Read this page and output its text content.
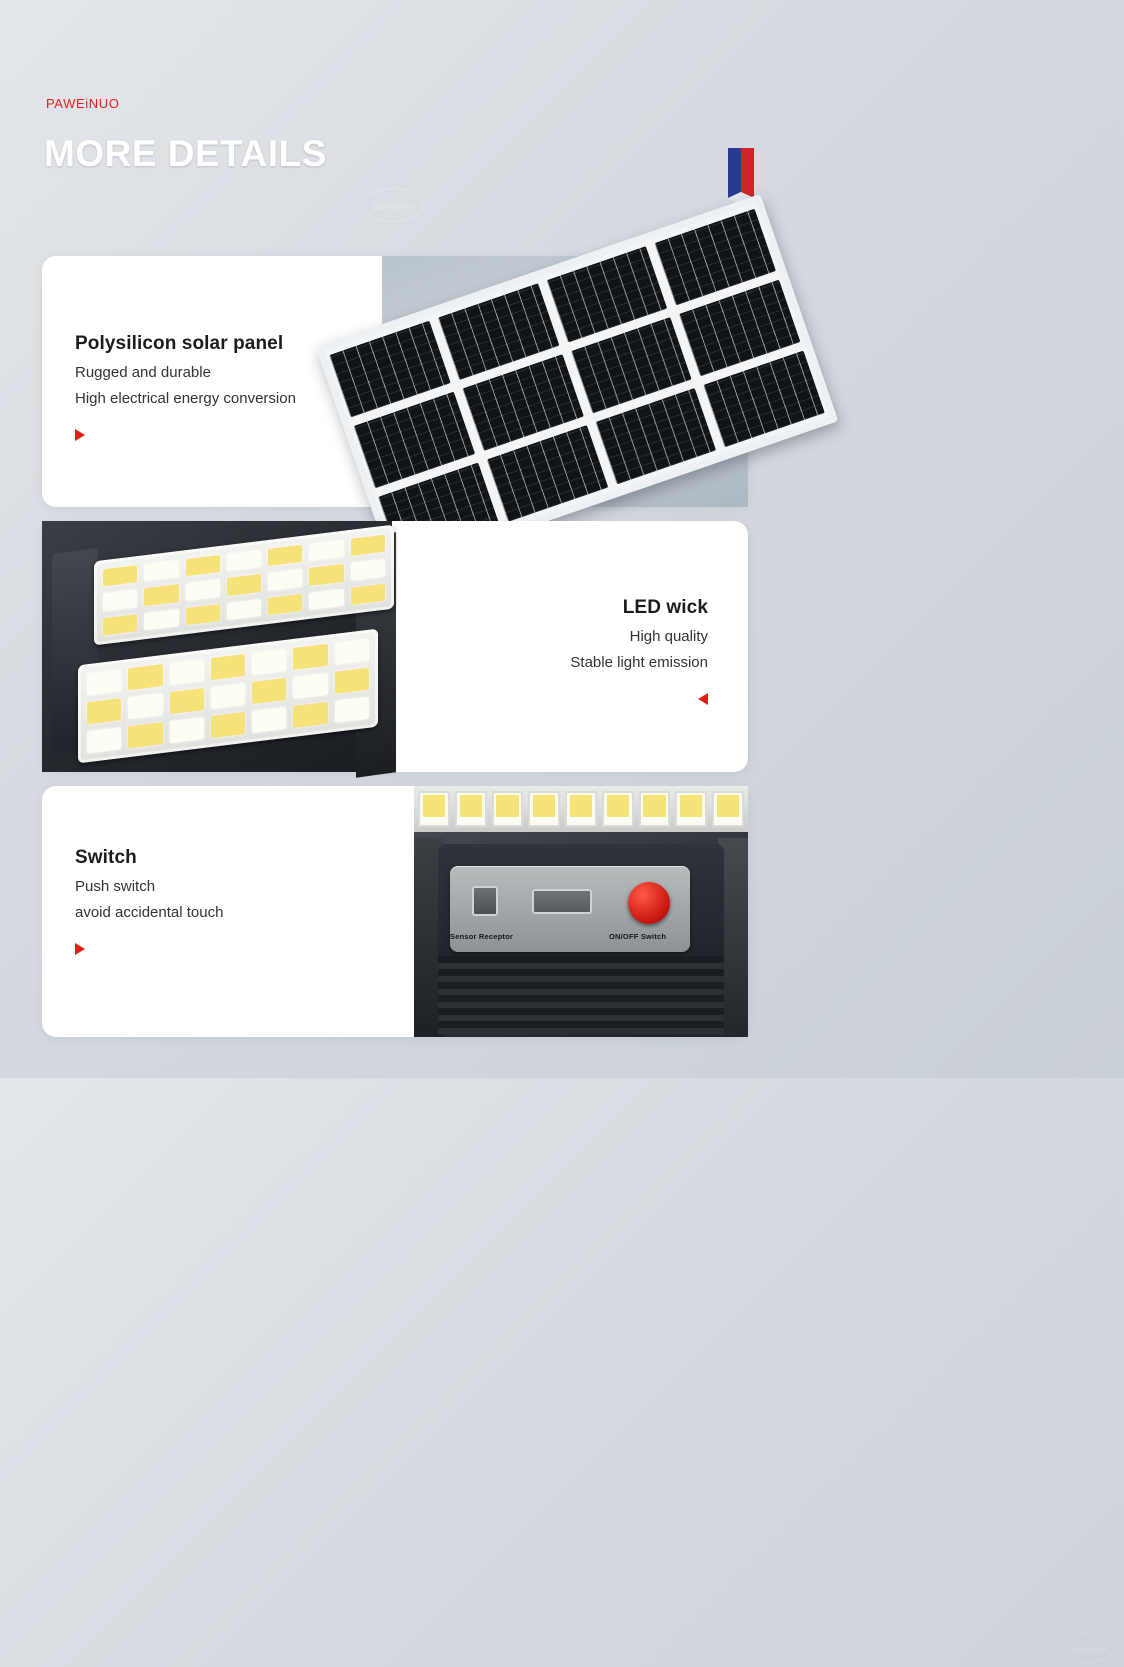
PAWEiNUO
MORE DETAILS
paweinuo
Polysilicon solar panel
Rugged and durable
High electrical energy conversion
LED wick
High quality
Stable light emission
Sensor Receptor	ON/OFF Switch
paweinuo
Switch
Push switch
avoid accidental touch
